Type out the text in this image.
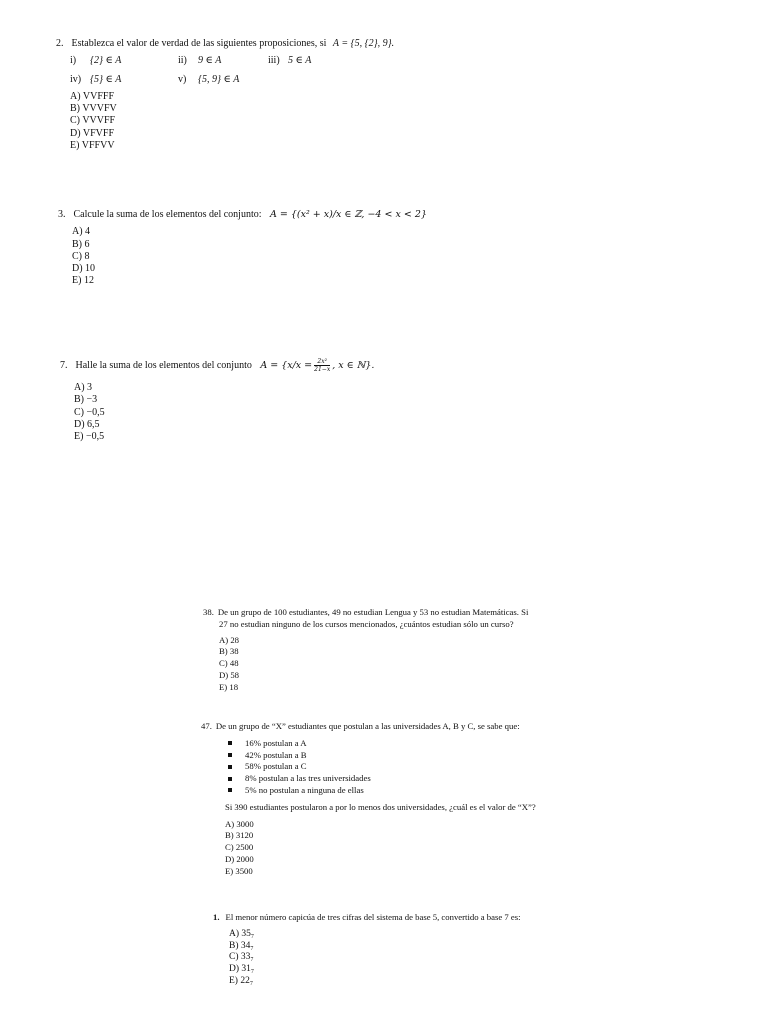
2. Establezca el valor de verdad de las siguientes proposiciones, si A = {5, {2}, 9}.
i) {2} ∈ A	ii) 9 ∈ A	iii) 5 ∈ A
iv) {5} ∈ A	v) {5, 9} ∈ A
A) VVFFF
B) VVVFV
C) VVVFF
D) VFVFF
E) VFFVV
3. Calcule la suma de los elementos del conjunto: A = {(x² + x)/x ∈ ℤ, −4 < x < 2}
A) 4
B) 6
C) 8
D) 10
E) 12
7. Halle la suma de los elementos del conjunto $A = \{x/x = \frac{\text{2x²}}{21-x}$ , x ∈ ℕ}.
A) 3
B) −3
C) −0,5
D) 6,5
E) −0,5
38. De un grupo de 100 estudiantes, 49 no estudian Lengua y 53 no estudian Matemáticas. Si
27 no estudian ninguno de los cursos mencionados, ¿cuántos estudian sólo un curso?
A) 28
B) 38
C) 48
D) 58
E) 18
47. De un grupo de “X” estudiantes que postulan a las universidades A, B y C, se sabe que:
16% postulan a A
42% postulan a B
58% postulan a C
8% postulan a las tres universidades
5% no postulan a ninguna de ellas
Si 390 estudiantes postularon a por lo menos dos universidades, ¿cuál es el valor de “X”?
A) 3000
B) 3120
C) 2500
D) 2000
E) 3500
1. El menor número capicúa de tres cifras del sistema de base 5, convertido a base 7 es:
A) 35₇
B) 34₇
C) 33₇
D) 31₇
E) 22₇
